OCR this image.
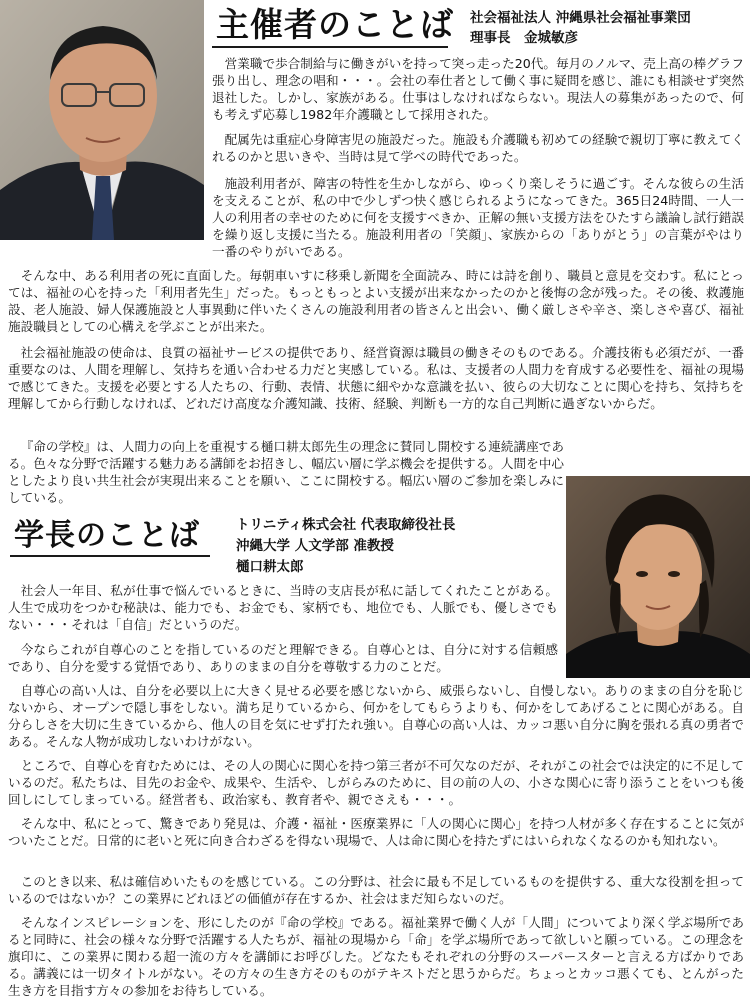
主催者のことば 社会福祉法人 沖縄県社会福祉事業団
理事長　金城敏彦

営業職で歩合制給与に働きがいを持って突っ走った20代。毎月のノルマ、売上高の棒グラフ張り出し、理念の唱和・・・。会社の奉仕者として働く事に疑問を感じ、誰にも相談せず突然退社した。しかし、家族がある。仕事はしなければならない。現法人の募集があったので、何も考えず応募し1982年介護職として採用された。

配属先は重症心身障害児の施設だった。施設も介護職も初めての経験で親切丁寧に教えてくれるのかと思いきや、当時は見て学べの時代であった。

施設利用者が、障害の特性を生かしながら、ゆっくり楽しそうに過ごす。そんな彼らの生活を支えることが、私の中で少しずつ快く感じられるようになってきた。365日24時間、一人一人の利用者の幸せのために何を支援すべきか、正解の無い支援方法をひたすら議論し試行錯誤を繰り返し支援に当たる。施設利用者の「笑顔」、家族からの「ありがとう」の言葉がやはり一番のやりがいである。

そんな中、ある利用者の死に直面した。毎朝車いすに移乗し新聞を全面読み、時には詩を創り、職員と意見を交わす。私にとっては、福祉の心を持った「利用者先生」だった。もっともっとよい支援が出来なかったのかと後悔の念が残った。その後、救護施設、老人施設、婦人保護施設と人事異動に伴いたくさんの施設利用者の皆さんと出会い、働く厳しさや辛さ、楽しさや喜び、福祉施設職員としての心構えを学ぶことが出来た。

社会福祉施設の使命は、良質の福祉サービスの提供であり、経営資源は職員の働きそのものである。介護技術も必須だが、一番重要なのは、人間を理解し、気持ちを通い合わせる力だと実感している。私は、支援者の人間力を育成する必要性を、福祉の現場で感じてきた。支援を必要とする人たちの、行動、表情、状態に細やかな意識を払い、彼らの大切なことに関心を持ち、気持ちを理解してから行動しなければ、どれだけ高度な介護知識、技術、経験、判断も一方的な自己判断に過ぎないからだ。

『命の学校』は、人間力の向上を重視する樋口耕太郎先生の理念に賛同し開校する連続講座である。色々な分野で活躍する魅力ある講師をお招きし、幅広い層に学ぶ機会を提供する。人間を中心としたより良い共生社会が実現出来ることを願い、ここに開校する。幅広い層のご参加を楽しみにしている。

学長のことば	トリニティ株式会社 代表取締役社長
沖縄大学 人文学部 准教授
樋口耕太郎

社会人一年目、私が仕事で悩んでいるときに、当時の支店長が私に話してくれたことがある。人生で成功をつかむ秘訣は、能力でも、お金でも、家柄でも、地位でも、人脈でも、優しさでもない・・・それは「自信」だというのだ。

今ならこれが自尊心のことを指しているのだと理解できる。自尊心とは、自分に対する信頼感であり、自分を愛する覚悟であり、ありのままの自分を尊敬する力のことだ。

自尊心の高い人は、自分を必要以上に大きく見せる必要を感じないから、威張らないし、自慢しない。ありのままの自分を恥じないから、オープンで隠し事をしない。満ち足りているから、何かをしてもらうよりも、何かをしてあげることに関心がある。自分らしさを大切に生きているから、他人の目を気にせず打たれ強い。自尊心の高い人は、カッコ悪い自分に胸を張れる真の勇者である。そんな人物が成功しないわけがない。

ところで、自尊心を育むためには、その人の関心に関心を持つ第三者が不可欠なのだが、それがこの社会では決定的に不足しているのだ。私たちは、目先のお金や、成果や、生活や、しがらみのために、目の前の人の、小さな関心に寄り添うことをいつも後回しにしてしまっている。経営者も、政治家も、教育者や、親でさえも・・・。

そんな中、私にとって、驚きであり発見は、介護・福祉・医療業界に「人の関心に関心」を持つ人材が多く存在することに気がついたことだ。日常的に老いと死に向き合わざるを得ない現場で、人は命に関心を持たずにはいられなくなるのかも知れない。

このとき以来、私は確信めいたものを感じている。この分野は、社会に最も不足しているものを提供する、重大な役割を担っているのではないか？この業界にどれほどの価値が存在するか、社会はまだ知らないのだ。

そんなインスピレーションを、形にしたのが『命の学校』である。福祉業界で働く人が「人間」についてより深く学ぶ場所であると同時に、社会の様々な分野で活躍する人たちが、福祉の現場から「命」を学ぶ場所であって欲しいと願っている。この理念を旗印に、この業界に関わる超一流の方々を講師にお呼びした。どなたもそれぞれの分野のスーパースターと言える方ばかりである。講義には一切タイトルがない。その方々の生き方そのものがテキストだと思うからだ。ちょっとカッコ悪くても、とんがった生き方を目指す方々の参加をお待ちしている。
